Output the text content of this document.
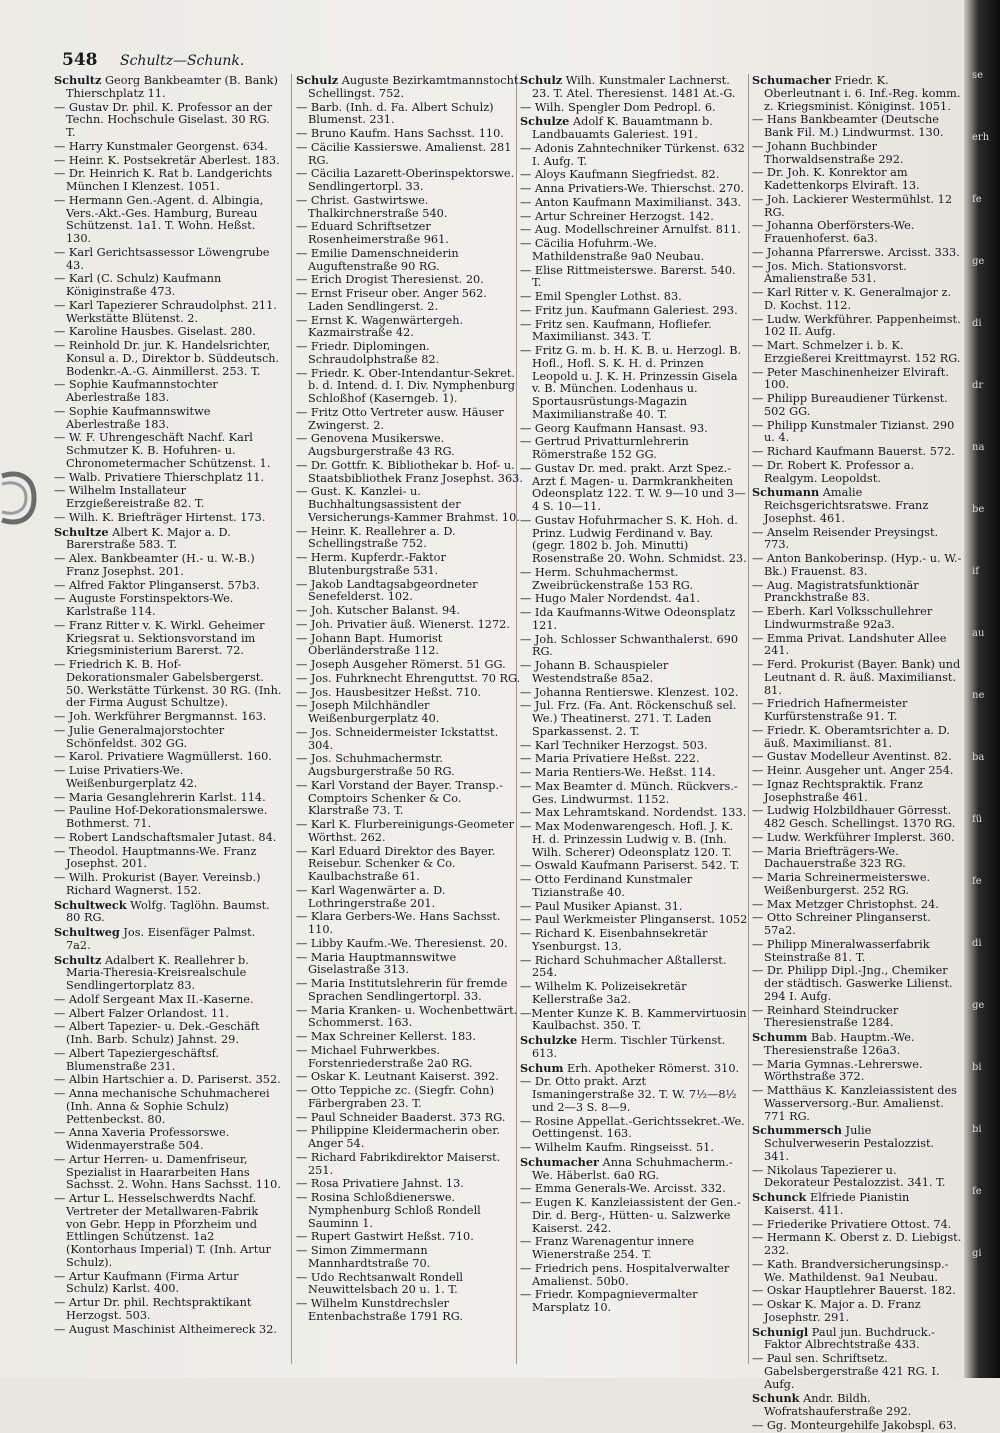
548 Schultz—Schunk.
Schultz Georg Bankbeamter (B. Bank) Thierschplatz 11.
— Gustav Dr. phil. K. Professor an der Techn. Hochschule Giselast. 30 RG. T.
— Harry Kunstmaler Georgenst. 634.
— Heinr. K. Postsekretär Aberlest. 183.
— Dr. Heinrich K. Rat b. Landgerichts München I Klenzest. 1051.
— Hermann Gen.-Agent. d. Albingia, Vers.-Akt.-Ges. Hamburg, Bureau Schützenst. 1a1. T. Wohn. Heßst. 130.
— Karl Gerichtsassessor Löwengrube 43.
— Karl (C. Schulz) Kaufmann Königinstraße 473.
— Karl Tapezierer Schraudolphst. 211. Werkstätte Blütenst. 2.
— Karoline Hausbes. Giselast. 280.
— Reinhold Dr. jur. K. Handelsrichter, Konsul a. D., Direktor b. Süddeutsch. Bodenkr.-A.-G. Ainmillerst. 253. T.
— Sophie Kaufmannstochter Aberlestraße 183.
— Sophie Kaufmannswitwe Aberlestraße 183.
— W. F. Uhrengeschäft Nachf. Karl Schmutzer K. B. Hofuhren- u. Chronometermacher Schützenst. 1.
— Walb. Privatiere Thierschplatz 11.
— Wilhelm Installateur Erzgießereistraße 82. T.
— Wilh. K. Briefträger Hirtenst. 173.
Schultze Albert K. Major a. D. Barerstraße 583. T.
— Alex. Bankbeamter (H.- u. W.-B.) Franz Josephst. 201.
— Alfred Faktor Plinganserst. 57b3.
— Auguste Forstinspektors-We. Karlstraße 114.
— Franz Ritter v. K. Wirkl. Geheimer Kriegsrat u. Sektionsvorstand im Kriegsministerium Barerst. 72.
— Friedrich K. B. Hof-Dekorationsmaler Gabelsbergerst. 50. Werkstätte Türkenst. 30 RG. (Inh. der Firma August Schultze).
— Joh. Werkführer Bergmannst. 163.
— Julie Generalmajorstochter Schönfeldst. 302 GG.
— Karol. Privatiere Wagmüllerst. 160.
— Luise Privatiers-We. Weißenburgerplatz 42.
— Maria Gesanglehrerin Karlst. 114.
— Pauline Hof-Dekorationsmalerswe. Bothmerst. 71.
— Robert Landschaftsmaler Jutast. 84.
— Theodol. Hauptmanns-We. Franz Josephst. 201.
— Wilh. Prokurist (Bayer. Vereinsb.) Richard Wagnerst. 152.
Schultweck Wolfg. Taglöhn. Baumst. 80 RG.
Schultweg Jos. Eisenfäger Palmst. 7a2.
Schultz Adalbert K. Reallehrer b. Maria-Theresia-Kreisrealschule Sendlingertorplatz 83.
— Adolf Sergeant Max II.-Kaserne.
— Albert Falzer Orlandost. 11.
— Albert Tapezier- u. Dek.-Geschäft (Inh. Barb. Schulz) Jahnst. 29.
— Albert Tapeziergeschäftsf. Blumenstraße 231.
— Albin Hartschier a. D. Pariserst. 352.
— Anna mechanische Schuhmacherei (Inh. Anna & Sophie Schulz) Pettenbeckst. 80.
— Anna Xaveria Professorswe. Widenmayerstraße 504.
— Artur Herren- u. Damenfriseur, Spezialist in Haararbeiten Hans Sachsst. 2. Wohn. Hans Sachsst. 110.
— Artur L. Hesselschwerdts Nachf. Vertreter der Metallwaren-Fabrik von Gebr. Hepp in Pforzheim und Ettlingen Schützenst. 1a2 (Kontorhaus Imperial) T. (Inh. Artur Schulz).
— Artur Kaufmann (Firma Artur Schulz) Karlst. 400.
— Artur Dr. phil. Rechtspraktikant Herzogst. 503.
— August Maschinist Altheimereck 32.
Schulz Auguste Bezirkamtmannstocht. Schellingst. 752.
— Barb. (Inh. d. Fa. Albert Schulz) Blumenst. 231.
— Bruno Kaufm. Hans Sachsst. 110.
— Cäcilie Kassierswe. Amalienst. 281 RG.
— Cäcilia Lazarett-Oberinspektorswe. Sendlingertorpl. 33.
— Christ. Gastwirtswe. Thalkirchnerstraße 540.
— Eduard Schriftsetzer Rosenheimerstraße 961.
— Emilie Damenschneiderin Auguftenstraße 90 RG.
— Erich Drogist Theresienst. 20.
— Ernst Friseur ober. Anger 562. Laden Sendlingerst. 2.
— Ernst K. Wagenwärtergeh. Kazmairstraße 42.
— Friedr. Diplomingen. Schraudolphstraße 82.
— Friedr. K. Ober-Intendantur-Sekret. b. d. Intend. d. I. Div. Nymphenburg Schloßhof (Kaserngeb. 1).
— Fritz Otto Vertreter ausw. Häuser Zwingerst. 2.
— Genovena Musikerswe. Augsburgerstraße 43 RG.
— Dr. Gottfr. K. Bibliothekar b. Hof- u. Staatsbibliothek Franz Josephst. 363.
— Gust. K. Kanzlei- u. Buchhaltungsassistent der Versicherungs-Kammer Brahmst. 10.
— Heinr. K. Reallehrer a. D. Schellingstraße 752.
— Herm. Kupferdr.-Faktor Blutenburgstraße 531.
— Jakob Landtagsabgeordneter Senefelderst. 102.
— Joh. Kutscher Balanst. 94.
— Joh. Privatier äuß. Wienerst. 1272.
— Johann Bapt. Humorist Oberländerstraße 112.
— Joseph Ausgeher Römerst. 51 GG.
— Jos. Fuhrknecht Ehrenguttst. 70 RG.
— Jos. Hausbesitzer Heßst. 710.
— Joseph Milchhändler Weißenburgerplatz 40.
— Jos. Schneidermeister Ickstattst. 304.
— Jos. Schuhmachermstr. Augsburgerstraße 50 RG.
— Karl Vorstand der Bayer. Transp.-Comptoirs Schenker & Co. Klarstraße 73. T.
— Karl K. Flurbereinigungs-Geometer Wörthst. 262.
— Karl Eduard Direktor des Bayer. Reisebur. Schenker & Co. Kaulbachstraße 61.
— Karl Wagenwärter a. D. Lothringerstraße 201.
— Klara Gerbers-We. Hans Sachsst. 110.
— Libby Kaufm.-We. Theresienst. 20.
— Maria Hauptmannswitwe Giselastraße 313.
— Maria Institutslehrerin für fremde Sprachen Sendlingertorpl. 33.
— Maria Kranken- u. Wochenbettwärt. Schommerst. 163.
— Max Schreiner Kellerst. 183.
— Michael Fuhrwerkbes. Forstenriederstraße 2a0 RG.
— Oskar K. Leutnant Kaiserst. 392.
— Otto Teppiche zc. (Siegfr. Cohn) Färbergraben 23. T.
— Paul Schneider Baaderst. 373 RG.
— Philippine Kleidermacherin ober. Anger 54.
— Richard Fabrikdirektor Maiserst. 251.
— Rosa Privatiere Jahnst. 13.
— Rosina Schloßdienerswe. Nymphenburg Schloß Rondell Sauminn 1.
— Rupert Gastwirt Heßst. 710.
— Simon Zimmermann Mannhardtstraße 70.
— Udo Rechtsanwalt Rondell Neuwittelsbach 20 u. 1. T.
— Wilhelm Kunstdrechsler Entenbachstraße 1791 RG.
Schulz Wilh. Kunstmaler Lachnerst. 23. T. Atel. Theresienst. 1481 At.-G.
— Wilh. Spengler Dom Pedropl. 6.
Schulze Adolf K. Bauamtmann b. Landbauamts Galeriest. 191.
— Adonis Zahntechniker Türkenst. 632 I. Aufg. T.
— Aloys Kaufmann Siegfriedst. 82.
— Anna Privatiers-We. Thierschst. 270.
— Anton Kaufmann Maximilianst. 343.
— Artur Schreiner Herzogst. 142.
— Aug. Modellschreiner Arnulfst. 811.
— Cäcilia Hofuhrm.-We. Mathildenstraße 9a0 Neubau.
— Elise Rittmeisterswe. Barerst. 540. T.
— Emil Spengler Lothst. 83.
— Fritz jun. Kaufmann Galeriest. 293.
— Fritz sen. Kaufmann, Hofliefer. Maximilianst. 343. T.
— Fritz G. m. b. H. K. B. u. Herzogl. B. Hofl., Hofl. S. K. H. d. Prinzen Leopold u. J. K. H. Prinzessin Gisela v. B. München. Lodenhaus u. Sportausrüstungs-Magazin Maximilianstraße 40. T.
— Georg Kaufmann Hansast. 93.
— Gertrud Privatturnlehrerin Römerstraße 152 GG.
— Gustav Dr. med. prakt. Arzt Spez.-Arzt f. Magen- u. Darmkrankheiten Odeonsplatz 122. T. W. 9—10 und 3—4 S. 10—11.
— Gustav Hofuhrmacher S. K. Hoh. d. Prinz. Ludwig Ferdinand v. Bay. (gegr. 1802 b. Joh. Minutti) Rosenstraße 20. Wohn. Schmidst. 23.
— Herm. Schuhmachermst. Zweibrückenstraße 153 RG.
— Hugo Maler Nordendst. 4a1.
— Ida Kaufmanns-Witwe Odeonsplatz 121.
— Joh. Schlosser Schwanthalerst. 690 RG.
— Johann B. Schauspieler Westendstraße 85a2.
— Johanna Rentierswe. Klenzest. 102.
— Jul. Frz. (Fa. Ant. Röckenschuß sel. We.) Theatinerst. 271. T. Laden Sparkassenst. 2. T.
— Karl Techniker Herzogst. 503.
— Maria Privatiere Heßst. 222.
— Maria Rentiers-We. Heßst. 114.
— Max Beamter d. Münch. Rückvers.-Ges. Lindwurmst. 1152.
— Max Lehramtskand. Nordendst. 133.
— Max Modenwarengesch. Hofl. J. K. H. d. Prinzessin Ludwig v. B. (Inh. Wilh. Scherer) Odeonsplatz 120. T.
— Oswald Kaufmann Pariserst. 542. T.
— Otto Ferdinand Kunstmaler Tizianstraße 40.
— Paul Musiker Apianst. 31.
— Paul Werkmeister Plinganserst. 1052
— Richard K. Eisenbahnsekretär Ysenburgst. 13.
— Richard Schuhmacher Aßtallerst. 254.
— Wilhelm K. Polizeisekretär Kellerstraße 3a2.
—Menter Kunze K. B. Kammervirtuosin Kaulbachst. 350. T.
Schulzke Herm. Tischler Türkenst. 613.
Schum Erh. Apotheker Römerst. 310.
— Dr. Otto prakt. Arzt Ismaningerstraße 32. T. W. 7½—8½ und 2—3 S. 8—9.
— Rosine Appellat.-Gerichtssekret.-We. Oettingenst. 163.
— Wilhelm Kaufm. Ringseisst. 51.
Schumacher Anna Schuhmacherm.-We. Häberlst. 6a0 RG.
— Emma Generals-We. Arcisst. 332.
— Eugen K. Kanzleiassistent der Gen.-Dir. d. Berg-, Hütten- u. Salzwerke Kaiserst. 242.
— Franz Warenagentur innere Wienerstraße 254. T.
— Friedrich pens. Hospitalverwalter Amalienst. 50b0.
— Friedr. Kompagnievermalter Marsplatz 10.
Schumacher Friedr. K. Oberleutnant i. 6. Inf.-Reg. komm. z. Kriegsminist. Königinst. 1051.
— Hans Bankbeamter (Deutsche Bank Fil. M.) Lindwurmst. 130.
— Johann Buchbinder Thorwaldsenstraße 292.
— Dr. Joh. K. Konrektor am Kadettenkorps Elviraft. 13.
— Joh. Lackierer Westermühlst. 12 RG.
— Johanna Oberförsters-We. Frauenhoferst. 6a3.
— Johanna Pfarrerswe. Arcisst. 333.
— Jos. Mich. Stationsvorst. Amalienstraße 531.
— Karl Ritter v. K. Generalmajor z. D. Kochst. 112.
— Ludw. Werkführer. Pappenheimst. 102 II. Aufg.
— Mart. Schmelzer i. b. K. Erzgießerei Kreittmayrst. 152 RG.
— Peter Maschinenheizer Elviraft. 100.
— Philipp Bureaudiener Türkenst. 502 GG.
— Philipp Kunstmaler Tizianst. 290 u. 4.
— Richard Kaufmann Bauerst. 572.
— Dr. Robert K. Professor a. Realgym. Leopoldst.
Schumann Amalie Reichsgerichtsratswe. Franz Josephst. 461.
— Anselm Reisender Preysingst. 773.
— Anton Bankoberinsp. (Hyp.- u. W.-Bk.) Frauenst. 83.
— Aug. Magistratsfunktionär Pranckhstraße 83.
— Eberh. Karl Volksschullehrer Lindwurmstraße 92a3.
— Emma Privat. Landshuter Allee 241.
— Ferd. Prokurist (Bayer. Bank) und Leutnant d. R. äuß. Maximilianst. 81.
— Friedrich Hafnermeister Kurfürstenstraße 91. T.
— Friedr. K. Oberamtsrichter a. D. äuß. Maximilianst. 81.
— Gustav Modelleur Aventinst. 82.
— Heinr. Ausgeher unt. Anger 254.
— Ignaz Rechtspraktik. Franz Josephstraße 461.
— Ludwig Holzbildhauer Görresst. 482 Gesch. Schellingst. 1370 RG.
— Ludw. Werkführer Implerst. 360.
— Maria Briefträgers-We. Dachauerstraße 323 RG.
— Maria Schreinermeisterswe. Weißenburgerst. 252 RG.
— Max Metzger Christophst. 24.
— Otto Schreiner Plinganserst. 57a2.
— Philipp Mineralwasserfabrik Steinstraße 81. T.
— Dr. Philipp Dipl.-Jng., Chemiker der städtisch. Gaswerke Lilienst. 294 I. Aufg.
— Reinhard Steindrucker Theresienstraße 1284.
Schumm Bab. Hauptm.-We. Theresienstraße 126a3.
— Maria Gymnas.-Lehrerswe. Wörthstraße 372.
— Matthäus K. Kanzleiassistent des Wasserversorg.-Bur. Amalienst. 771 RG.
Schummersch Julie Schulverweserin Pestalozzist. 341.
— Nikolaus Tapezierer u. Dekorateur Pestalozzist. 341. T.
Schunck Elfriede Pianistin Kaiserst. 411.
— Friederike Privatiere Ottost. 74.
— Hermann K. Oberst z. D. Liebigst. 232.
— Kath. Brandversicherungsinsp.-We. Mathildenst. 9a1 Neubau.
— Oskar Hauptlehrer Bauerst. 182.
— Oskar K. Major a. D. Franz Josephstr. 291.
Schunigl Paul jun. Buchdruck.-Faktor Albrechtstraße 433.
— Paul sen. Schriftsetz. Gabelsbergerstraße 421 RG. I. Aufg.
Schunk Andr. Bildh. Wofratshauferstraße 292.
— Gg. Monteurgehilfe Jakobspl. 63.
se
erh
fe
ge
di
dr
na
be
if
au
ne
ba
fü
fe
di
ge
bi
bi
fe
gi
